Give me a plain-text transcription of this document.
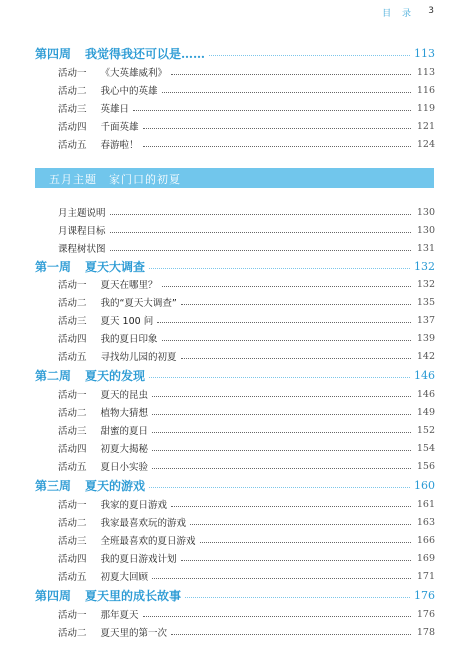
目 录 3
第四周 我觉得我还可以是……	113
活动一 《大英雄威利》	113
活动二 我心中的英雄	116
活动三 英雄日	119
活动四 千面英雄	121
活动五 春游啦！	124
五月主题　家门口的初夏
月主题说明	130
月课程目标	130
课程树状图	131
第一周 夏天大调查	132
活动一 夏天在哪里？	132
活动二 我的“夏天大调查”	135
活动三 夏天 100 问	137
活动四 我的夏日印象	139
活动五 寻找幼儿园的初夏	142
第二周 夏天的发现	146
活动一 夏天的昆虫	146
活动二 植物大猜想	149
活动三 甜蜜的夏日	152
活动四 初夏大揭秘	154
活动五 夏日小实验	156
第三周 夏天的游戏	160
活动一 我家的夏日游戏	161
活动二 我家最喜欢玩的游戏	163
活动三 全班最喜欢的夏日游戏	166
活动四 我的夏日游戏计划	169
活动五 初夏大回顾	171
第四周 夏天里的成长故事	176
活动一 那年夏天	176
活动二 夏天里的第一次	178
